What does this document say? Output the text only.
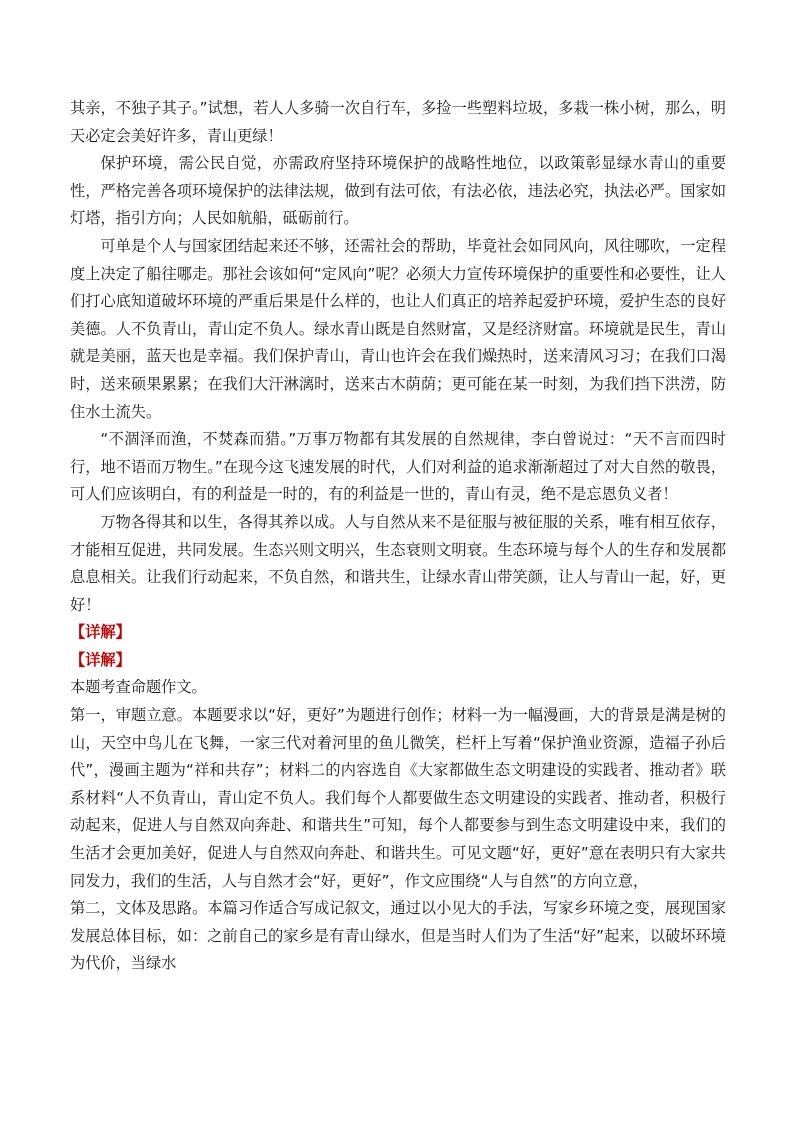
其亲，不独子其子。”试想，若人人多骑一次自行车，多捡一些塑料垃圾，多栽一株小树，那么，明天必定会美好许多，青山更绿！

保护环境，需公民自觉，亦需政府坚持环境保护的战略性地位，以政策彰显绿水青山的重要性，严格完善各项环境保护的法律法规，做到有法可依，有法必依，违法必究，执法必严。国家如灯塔，指引方向；人民如航船，砥砺前行。

可单是个人与国家团结起来还不够，还需社会的帮助，毕竟社会如同风向，风往哪吹，一定程度上决定了船往哪走。那社会该如何“定风向”呢？必须大力宣传环境保护的重要性和必要性，让人们打心底知道破坏环境的严重后果是什么样的，也让人们真正的培养起爱护环境，爱护生态的良好美德。人不负青山，青山定不负人。绿水青山既是自然财富，又是经济财富。环境就是民生，青山就是美丽，蓝天也是幸福。我们保护青山，青山也许会在我们燥热时，送来清风习习；在我们口渴时，送来硕果累累；在我们大汗淋漓时，送来古木荫荫；更可能在某一时刻，为我们挡下洪涝，防住水土流失。

“不涸泽而渔，不焚森而猎。”万事万物都有其发展的自然规律，李白曾说过：“天不言而四时行，地不语而万物生。”在现今这飞速发展的时代，人们对利益的追求渐渐超过了对大自然的敬畏，可人们应该明白，有的利益是一时的，有的利益是一世的，青山有灵，绝不是忘恩负义者！

万物各得其和以生，各得其养以成。人与自然从来不是征服与被征服的关系，唯有相互依存，才能相互促进，共同发展。生态兴则文明兴，生态衰则文明衰。生态环境与每个人的生存和发展都息息相关。让我们行动起来，不负自然，和谐共生，让绿水青山带笑颜，让人与青山一起，好，更好！

【详解】

【详解】

本题考查命题作文。

第一，审题立意。本题要求以“好，更好”为题进行创作；材料一为一幅漫画，大的背景是满是树的山，天空中鸟儿在飞舞，一家三代对着河里的鱼儿微笑，栏杆上写着“保护渔业资源，造福子孙后代”，漫画主题为“祥和共存”；材料二的内容选自《大家都做生态文明建设的实践者、推动者》联系材料“人不负青山，青山定不负人。我们每个人都要做生态文明建设的实践者、推动者，积极行动起来，促进人与自然双向奔赴、和谐共生”可知，每个人都要参与到生态文明建设中来，我们的生活才会更加美好，促进人与自然双向奔赴、和谐共生。可见文题“好，更好”意在表明只有大家共同发力，我们的生活，人与自然才会“好，更好”，作文应围绕“人与自然”的方向立意，

第二，文体及思路。本篇习作适合写成记叙文，通过以小见大的手法，写家乡环境之变，展现国家发展总体目标，如：之前自己的家乡是有青山绿水，但是当时人们为了生活“好”起来，以破坏环境为代价，当绿水
